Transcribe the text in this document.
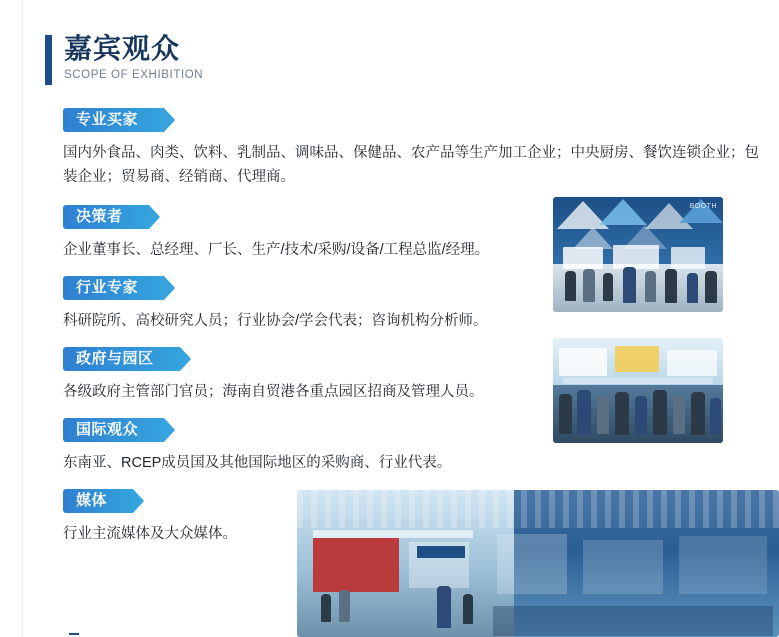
嘉宾观众
SCOPE OF EXHIBITION
专业买家
国内外食品、肉类、饮料、乳制品、调味品、保健品、农产品等生产加工企业；中央厨房、餐饮连锁企业；包装企业；贸易商、经销商、代理商。
决策者
企业董事长、总经理、厂长、生产/技术/采购/设备/工程总监/经理。
行业专家
科研院所、高校研究人员；行业协会/学会代表；咨询机构分析师。
政府与园区
各级政府主管部门官员；海南自贸港各重点园区招商及管理人员。
国际观众
东南亚、RCEP成员国及其他国际地区的采购商、行业代表。
媒体
行业主流媒体及大众媒体。
BOOTH
